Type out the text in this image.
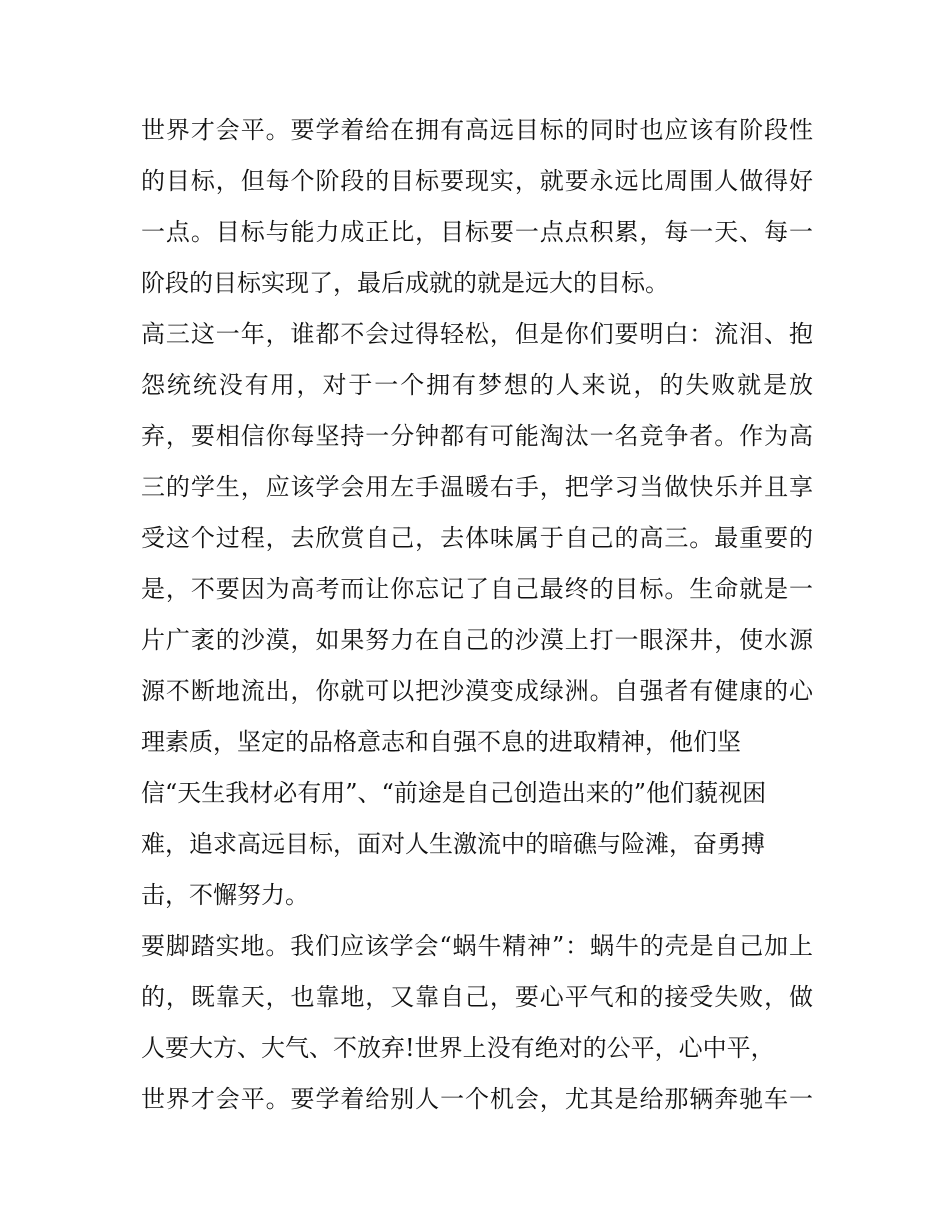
世界才会平。要学着给在拥有高远目标的同时也应该有阶段性
的目标，但每个阶段的目标要现实，就要永远比周围人做得好
一点。目标与能力成正比，目标要一点点积累，每一天、每一
阶段的目标实现了，最后成就的就是远大的目标。
高三这一年，谁都不会过得轻松，但是你们要明白：流泪、抱
怨统统没有用，对于一个拥有梦想的人来说，的失败就是放
弃，要相信你每坚持一分钟都有可能淘汰一名竞争者。作为高
三的学生，应该学会用左手温暖右手，把学习当做快乐并且享
受这个过程，去欣赏自己，去体味属于自己的高三。最重要的
是，不要因为高考而让你忘记了自己最终的目标。生命就是一
片广袤的沙漠，如果努力在自己的沙漠上打一眼深井，使水源
源不断地流出，你就可以把沙漠变成绿洲。自强者有健康的心
理素质，坚定的品格意志和自强不息的进取精神，他们坚
信“天生我材必有用”、“前途是自己创造出来的”他们藐视困
难，追求高远目标，面对人生激流中的暗礁与险滩，奋勇搏
击，不懈努力。
要脚踏实地。我们应该学会“蜗牛精神”：蜗牛的壳是自己加上
的，既靠天，也靠地，又靠自己，要心平气和的接受失败，做
人要大方、大气、不放弃!世界上没有绝对的公平，心中平，
世界才会平。要学着给别人一个机会，尤其是给那辆奔驰车一
